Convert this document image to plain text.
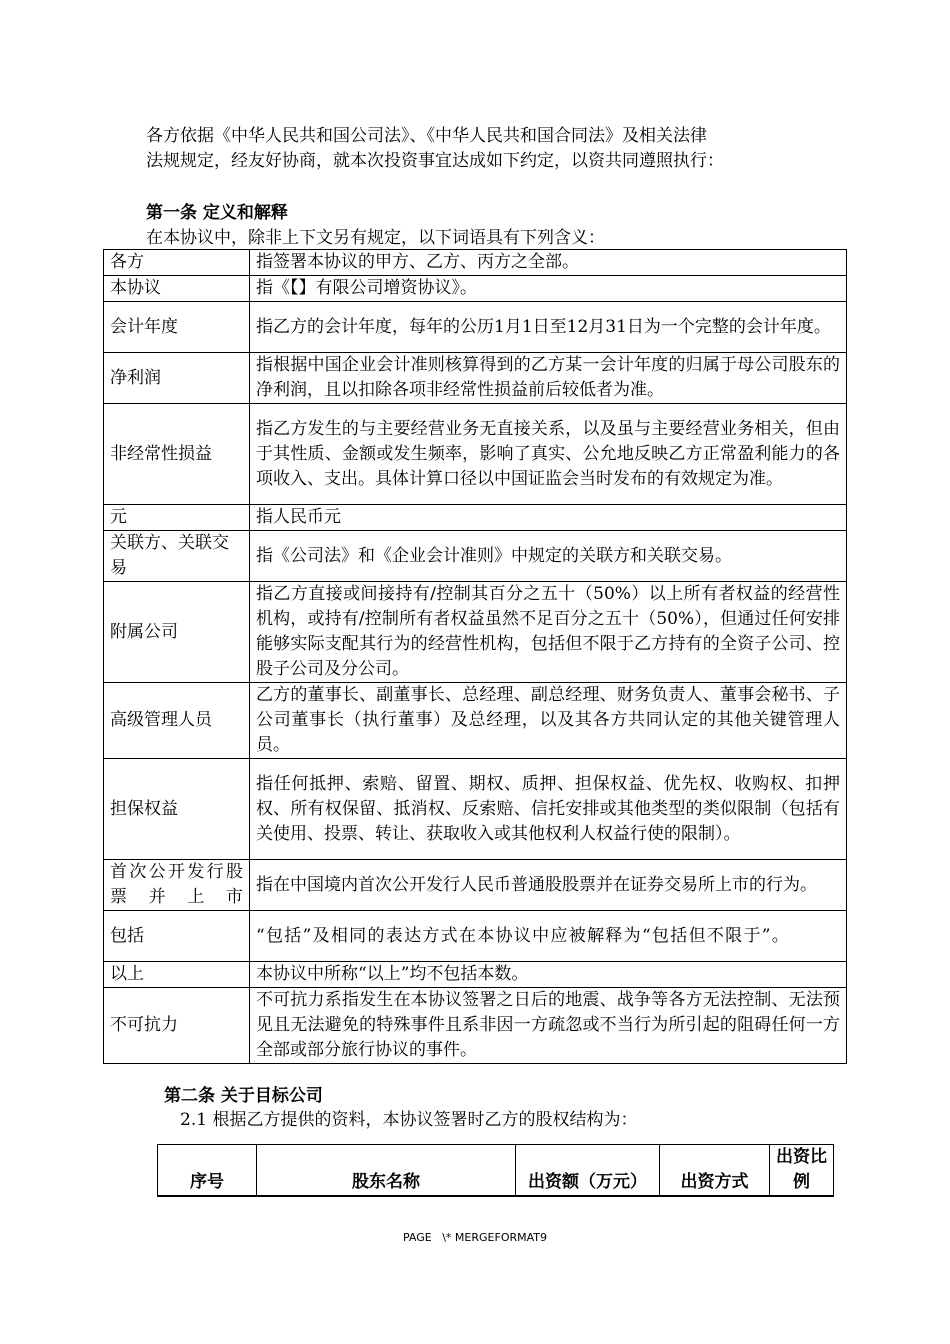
各方依据《中华人民共和国公司法》、《中华人民共和国合同法》及相关法律
法规规定，经友好协商，就本次投资事宜达成如下约定，以资共同遵照执行：
第一条 定义和解释
在本协议中，除非上下文另有规定，以下词语具有下列含义：
各方	指签署本协议的甲方、乙方、丙方之全部。
本协议	指《【】有限公司增资协议》。
会计年度	指乙方的会计年度，每年的公历1月1日至12月31日为一个完整的会计年度。
净利润	指根据中国企业会计准则核算得到的乙方某一会计年度的归属于母公司股东的净利润，且以扣除各项非经常性损益前后较低者为准。
非经常性损益	指乙方发生的与主要经营业务无直接关系，以及虽与主要经营业务相关，但由于其性质、金额或发生频率，影响了真实、公允地反映乙方正常盈利能力的各项收入、支出。具体计算口径以中国证监会当时发布的有效规定为准。
元	指人民币元
关联方、关联交易	指《公司法》和《企业会计准则》中规定的关联方和关联交易。
附属公司	指乙方直接或间接持有/控制其百分之五十（50%）以上所有者权益的经营性机构，或持有/控制所有者权益虽然不足百分之五十（50%），但通过任何安排能够实际支配其行为的经营性机构，包括但不限于乙方持有的全资子公司、控股子公司及分公司。
高级管理人员	乙方的董事长、副董事长、总经理、副总经理、财务负责人、董事会秘书、子公司董事长（执行董事）及总经理，以及其各方共同认定的其他关键管理人员。
担保权益	指任何抵押、索赔、留置、期权、质押、担保权益、优先权、收购权、扣押权、所有权保留、抵消权、反索赔、信托安排或其他类型的类似限制（包括有关使用、投票、转让、获取收入或其他权利人权益行使的限制）。
首次公开发行股票并上市	指在中国境内首次公开发行人民币普通股股票并在证券交易所上市的行为。
包括	“包括”及相同的表达方式在本协议中应被解释为“包括但不限于”。
以上	本协议中所称“以上”均不包括本数。
不可抗力	不可抗力系指发生在本协议签署之日后的地震、战争等各方无法控制、无法预见且无法避免的特殊事件且系非因一方疏忽或不当行为所引起的阻碍任何一方全部或部分旅行协议的事件。
第二条 关于目标公司
2.1 根据乙方提供的资料，本协议签署时乙方的股权结构为：
序号	股东名称	出资额（万元）	出资方式	出资比例
PAGE   \* MERGEFORMAT9
